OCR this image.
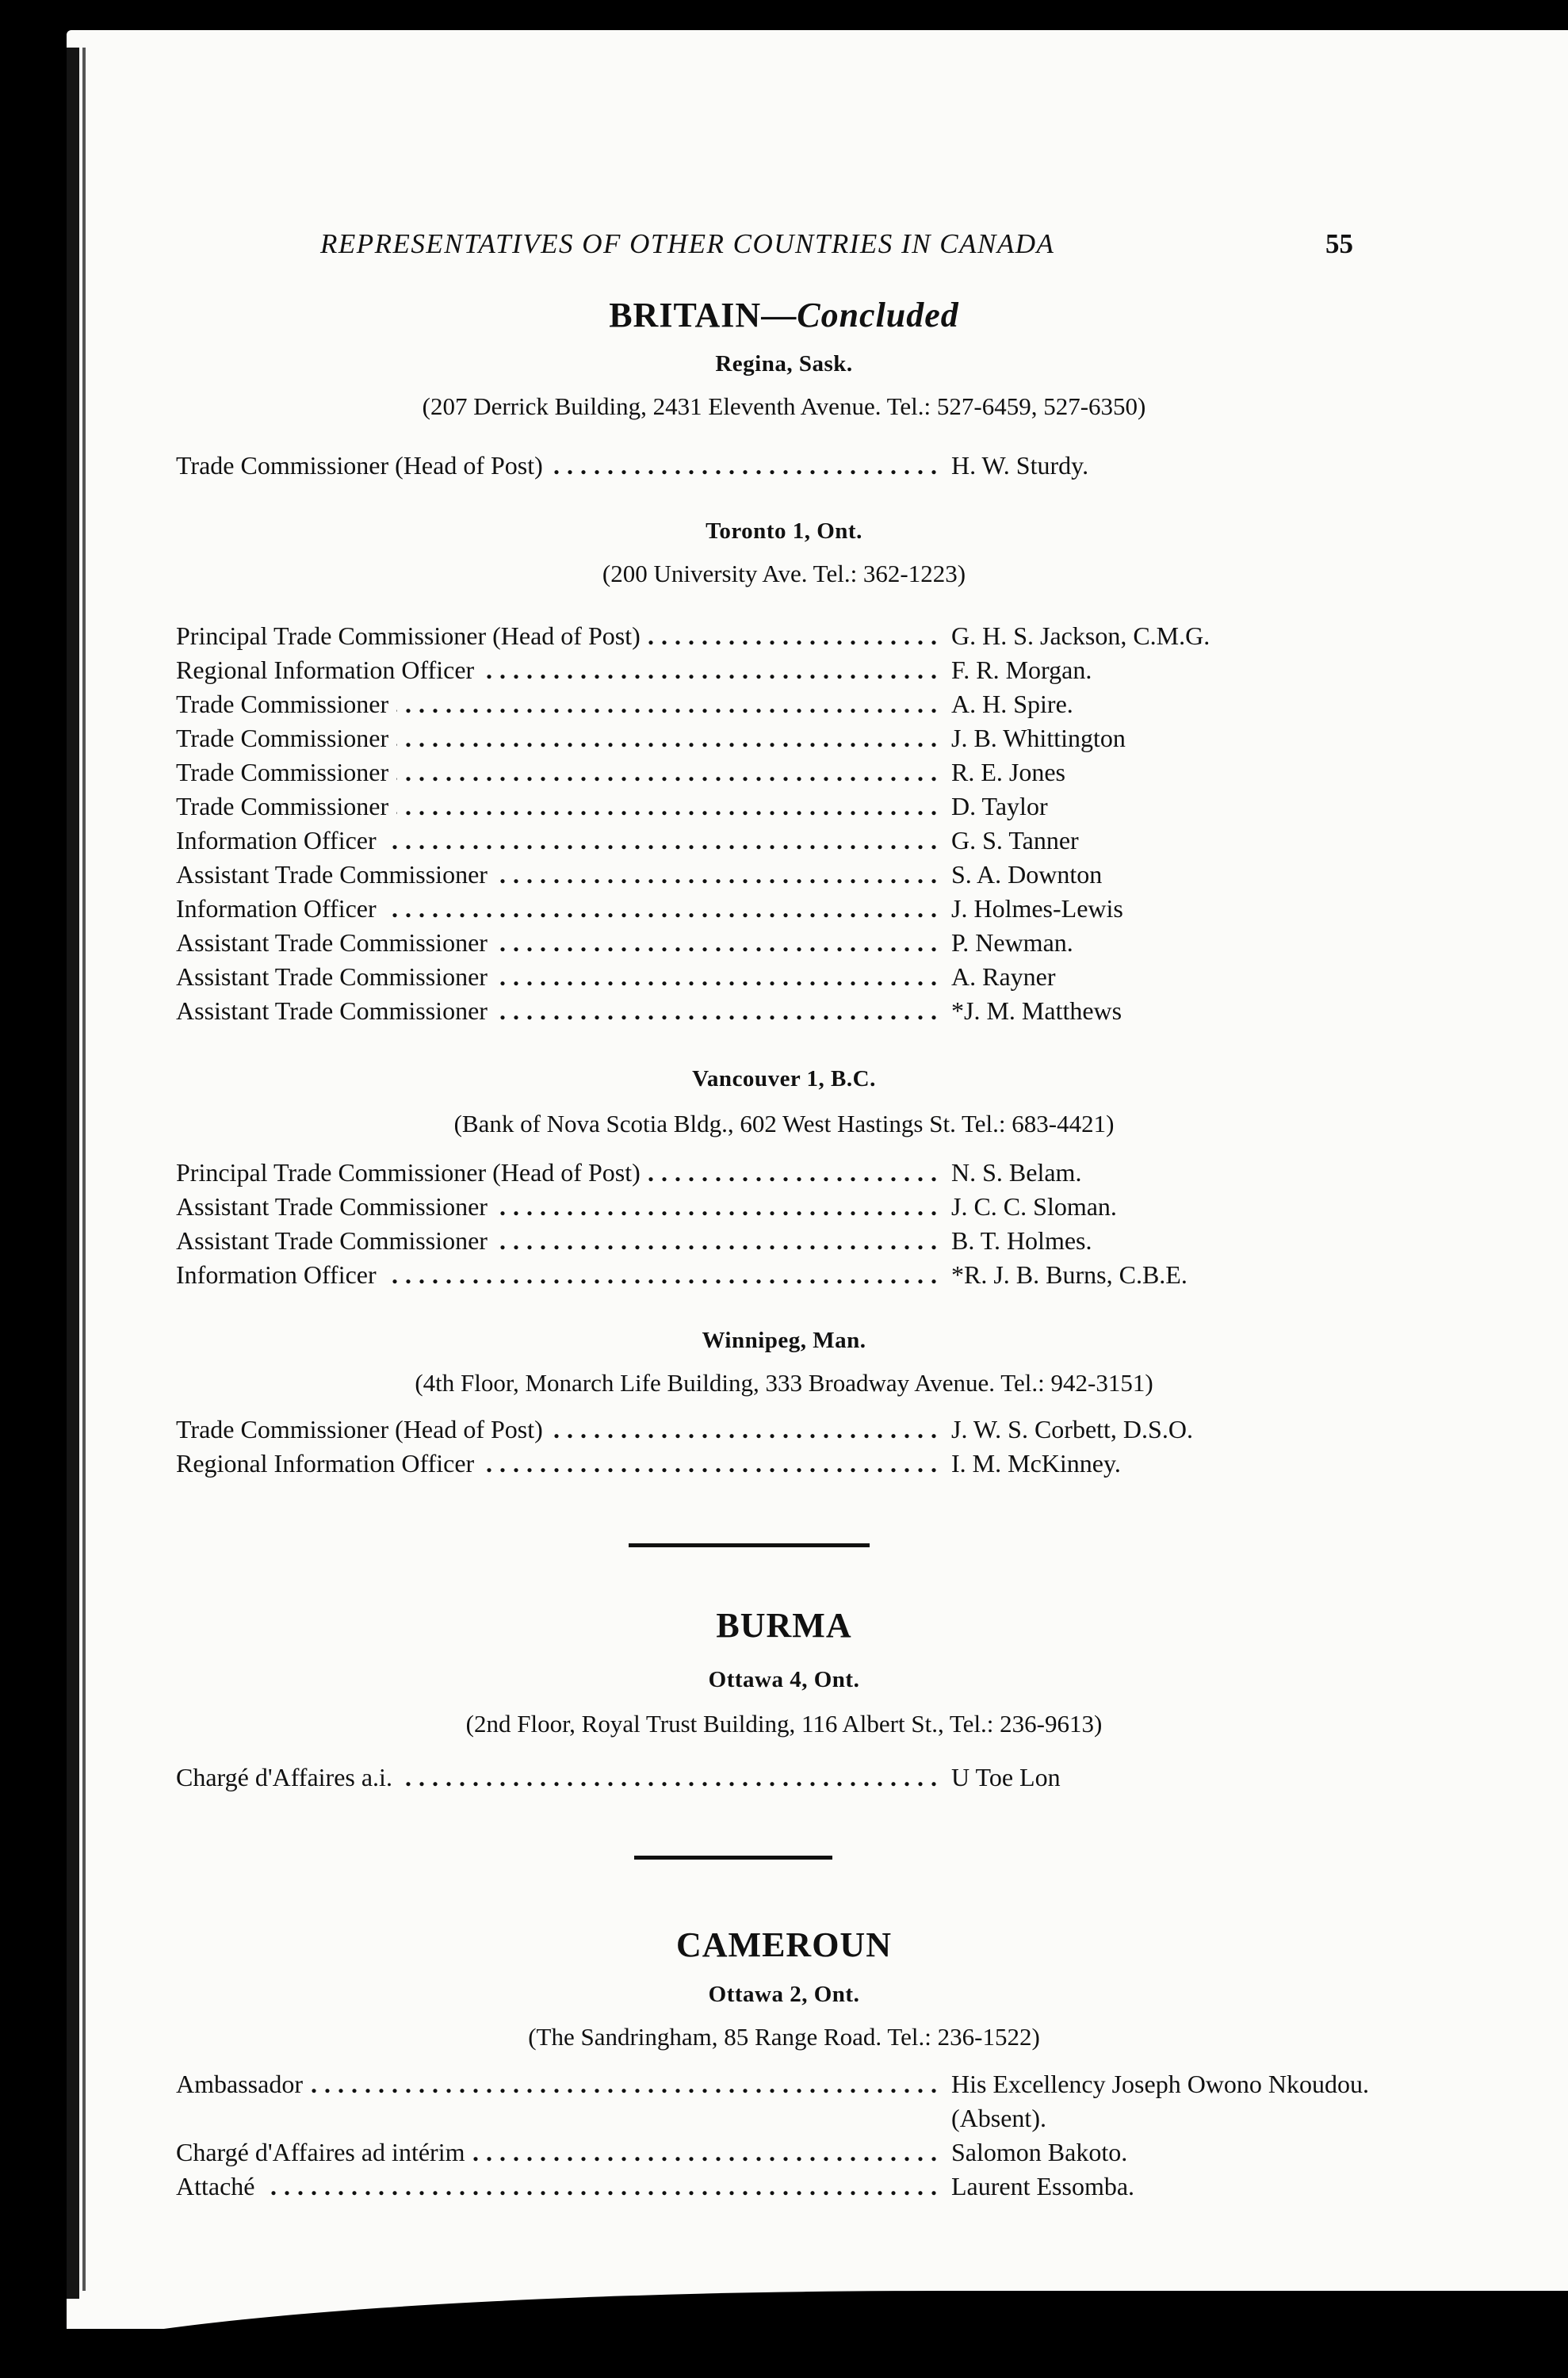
REPRESENTATIVES OF OTHER COUNTRIES IN CANADA	55
BRITAIN—Concluded
Regina, Sask.
(207 Derrick Building, 2431 Eleventh Avenue. Tel.: 527-6459, 527-6350)
Trade Commissioner (Head of Post) . . .	H. W. Sturdy.
Toronto 1, Ont.
(200 University Ave. Tel.: 362-1223)
Principal Trade Commissioner (Head of Post) . . .	G. H. S. Jackson, C.M.G.
Regional Information Officer . . .	F. R. Morgan.
Trade Commissioner . . .	A. H. Spire.
Trade Commissioner . . .	J. B. Whittington
Trade Commissioner . . .	R. E. Jones
Trade Commissioner . . .	D. Taylor
Information Officer . . .	G. S. Tanner
Assistant Trade Commissioner . . .	S. A. Downton
Information Officer . . .	J. Holmes-Lewis
Assistant Trade Commissioner . . .	P. Newman.
Assistant Trade Commissioner . . .	A. Rayner
Assistant Trade Commissioner . . .	*J. M. Matthews
Vancouver 1, B.C.
(Bank of Nova Scotia Bldg., 602 West Hastings St. Tel.: 683-4421)
Principal Trade Commissioner (Head of Post) . . .	N. S. Belam.
Assistant Trade Commissioner . . .	J. C. C. Sloman.
Assistant Trade Commissioner . . .	B. T. Holmes.
Information Officer . . .	*R. J. B. Burns, C.B.E.
Winnipeg, Man.
(4th Floor, Monarch Life Building, 333 Broadway Avenue. Tel.: 942-3151)
Trade Commissioner (Head of Post) . . .	J. W. S. Corbett, D.S.O.
Regional Information Officer . . .	I. M. McKinney.
BURMA
Ottawa 4, Ont.
(2nd Floor, Royal Trust Building, 116 Albert St., Tel.: 236-9613)
Chargé d'Affaires a.i. . . .	U Toe Lon
CAMEROUN
Ottawa 2, Ont.
(The Sandringham, 85 Range Road. Tel.: 236-1522)
Ambassador . . .	His Excellency Joseph Owono Nkoudou. (Absent).
Chargé d'Affaires ad intérim . . .	Salomon Bakoto.
Attaché . . .	Laurent Essomba.
